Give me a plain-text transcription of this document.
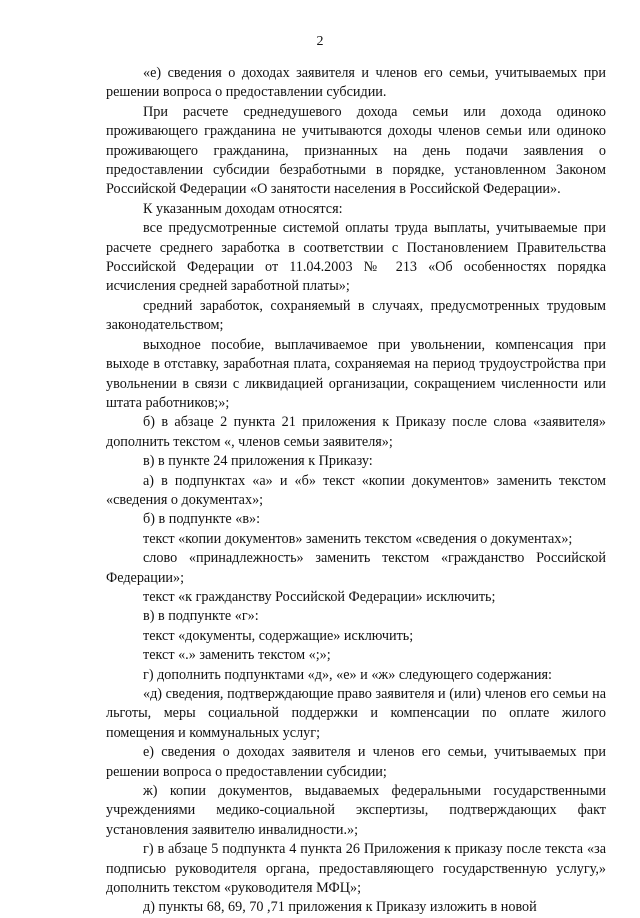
2

«е) сведения о доходах заявителя и членов его семьи, учитываемых при решении вопроса о предоставлении субсидии.

При расчете среднедушевого дохода семьи или дохода одиноко проживающего гражданина не учитываются доходы членов семьи или одиноко проживающего гражданина, признанных на день подачи заявления о предоставлении субсидии безработными в порядке, установленном Законом Российской Федерации «О занятости населения в Российской Федерации».

К указанным доходам относятся:

все предусмотренные системой оплаты труда выплаты, учитываемые при расчете среднего заработка в соответствии с Постановлением Правительства Российской Федерации от 11.04.2003 № 213 «Об особенностях порядка исчисления средней заработной платы»;

средний заработок, сохраняемый в случаях, предусмотренных трудовым законодательством;

выходное пособие, выплачиваемое при увольнении, компенсация при выходе в отставку, заработная плата, сохраняемая на период трудоустройства при увольнении в связи с ликвидацией организации, сокращением численности или штата работников;»;

б) в абзаце 2 пункта 21 приложения к Приказу после слова «заявителя» дополнить текстом «, членов семьи заявителя»;

в) в пункте 24 приложения к Приказу:

а) в подпунктах «а» и «б» текст «копии документов» заменить текстом «сведения о документах»;

б) в подпункте «в»:

текст «копии документов» заменить текстом «сведения о документах»;

слово «принадлежность» заменить текстом «гражданство Российской Федерации»;

текст «к гражданству Российской Федерации» исключить;

в) в подпункте «г»:

текст «документы, содержащие» исключить;

текст «.» заменить текстом «;»;

г) дополнить подпунктами «д», «е» и «ж» следующего содержания:

«д) сведения, подтверждающие право заявителя и (или) членов его семьи на льготы, меры социальной поддержки и компенсации по оплате жилого помещения и коммунальных услуг;

е) сведения о доходах заявителя и членов его семьи, учитываемых при решении вопроса о предоставлении субсидии;

ж) копии документов, выдаваемых федеральными государственными учреждениями медико-социальной экспертизы, подтверждающих факт установления заявителю инвалидности.»;

г) в абзаце 5 подпункта 4 пункта 26 Приложения к приказу после текста «за подписью руководителя органа, предоставляющего государственную услугу,» дополнить текстом «руководителя МФЦ»;

д) пункты 68, 69, 70 ,71 приложения к Приказу изложить в новой
